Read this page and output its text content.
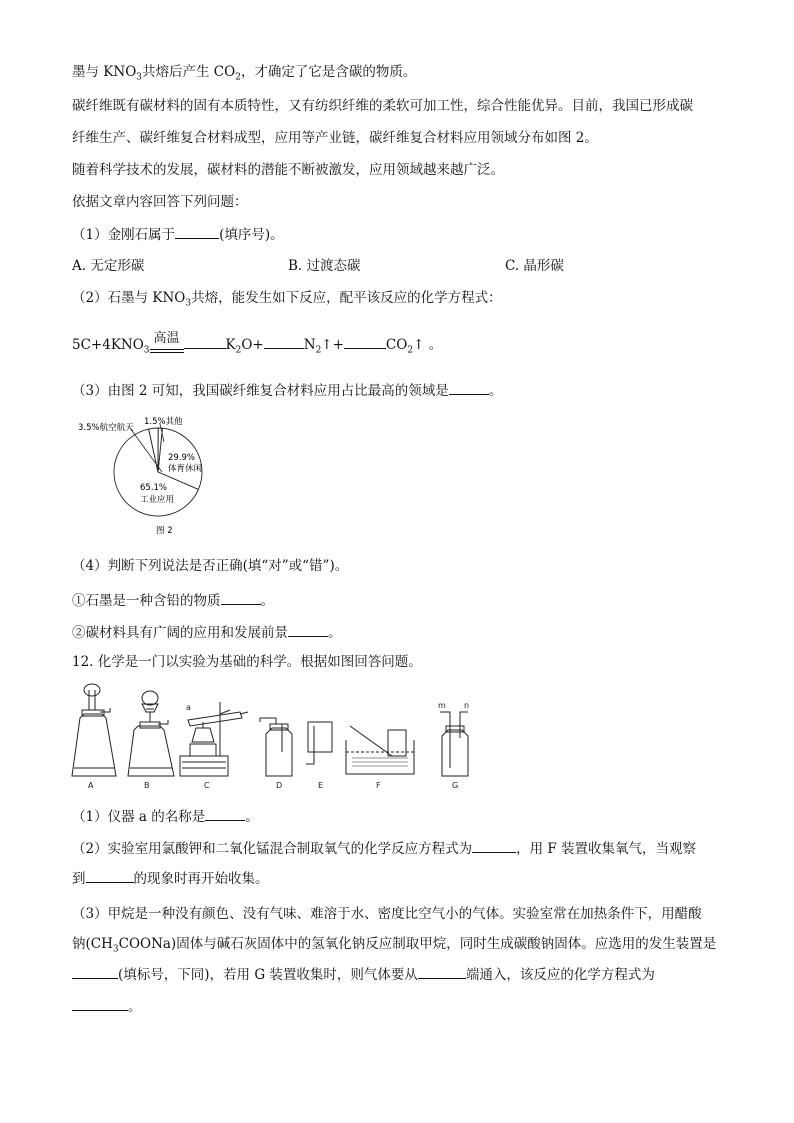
墨与 $KNO_3$共熔后产生 $CO_2$，才确定了它是含碳的物质。
碳纤维既有碳材料的固有本质特性，又有纺织纤维的柔软可加工性，综合性能优异。目前，我国已形成碳
纤维生产、碳纤维复合材料成型，应用等产业链，碳纤维复合材料应用领域分布如图 2。
随着科学技术的发展，碳材料的潜能不断被激发，应用领域越来越广泛。
依据文章内容回答下列问题：
（1）金刚石属于	(填序号)。
A. 无定形碳	B. 过渡态碳	C. 晶形碳
（2）石墨与 $KNO_3$共熔，能发生如下反应，配平该反应的化学方程式：
$5C+4KNO_3$
高温	$K_2O+$	$N_2↑+$	$CO_2↑$ 。
（3）由图 2 可知，我国碳纤维复合材料应用占比最高的领域是	。
3.5%航空航天
1.5%其他
29.9%
体育休闲
65.1%
工业应用
图 2
（4）判断下列说法是否正确(填“对”或“错”)。
①石墨是一种含铅的物质	。
②碳材料具有广阔的应用和发展前景	。
12. 化学是一门以实验为基础的科学。根据如图回答问题。
A	B
a
C	D	E	F
m n
G
（1）仪器 a 的名称是	。
（2）实验室用氯酸钾和二氧化锰混合制取氧气的化学反应方程式为	，用 F 装置收集氧气，当观察
到	的现象时再开始收集。
（3）甲烷是一种没有颜色、没有气味、难溶于水、密度比空气小的气体。实验室常在加热条件下，用醋酸
钠$(CH_3COONa)$固体与碱石灰固体中的氢氧化钠反应制取甲烷，同时生成碳酸钠固体。应选用的发生装置是
(填标号，下同)，若用 G 装置收集时，则气体要从	端通入，该反应的化学方程式为
。
